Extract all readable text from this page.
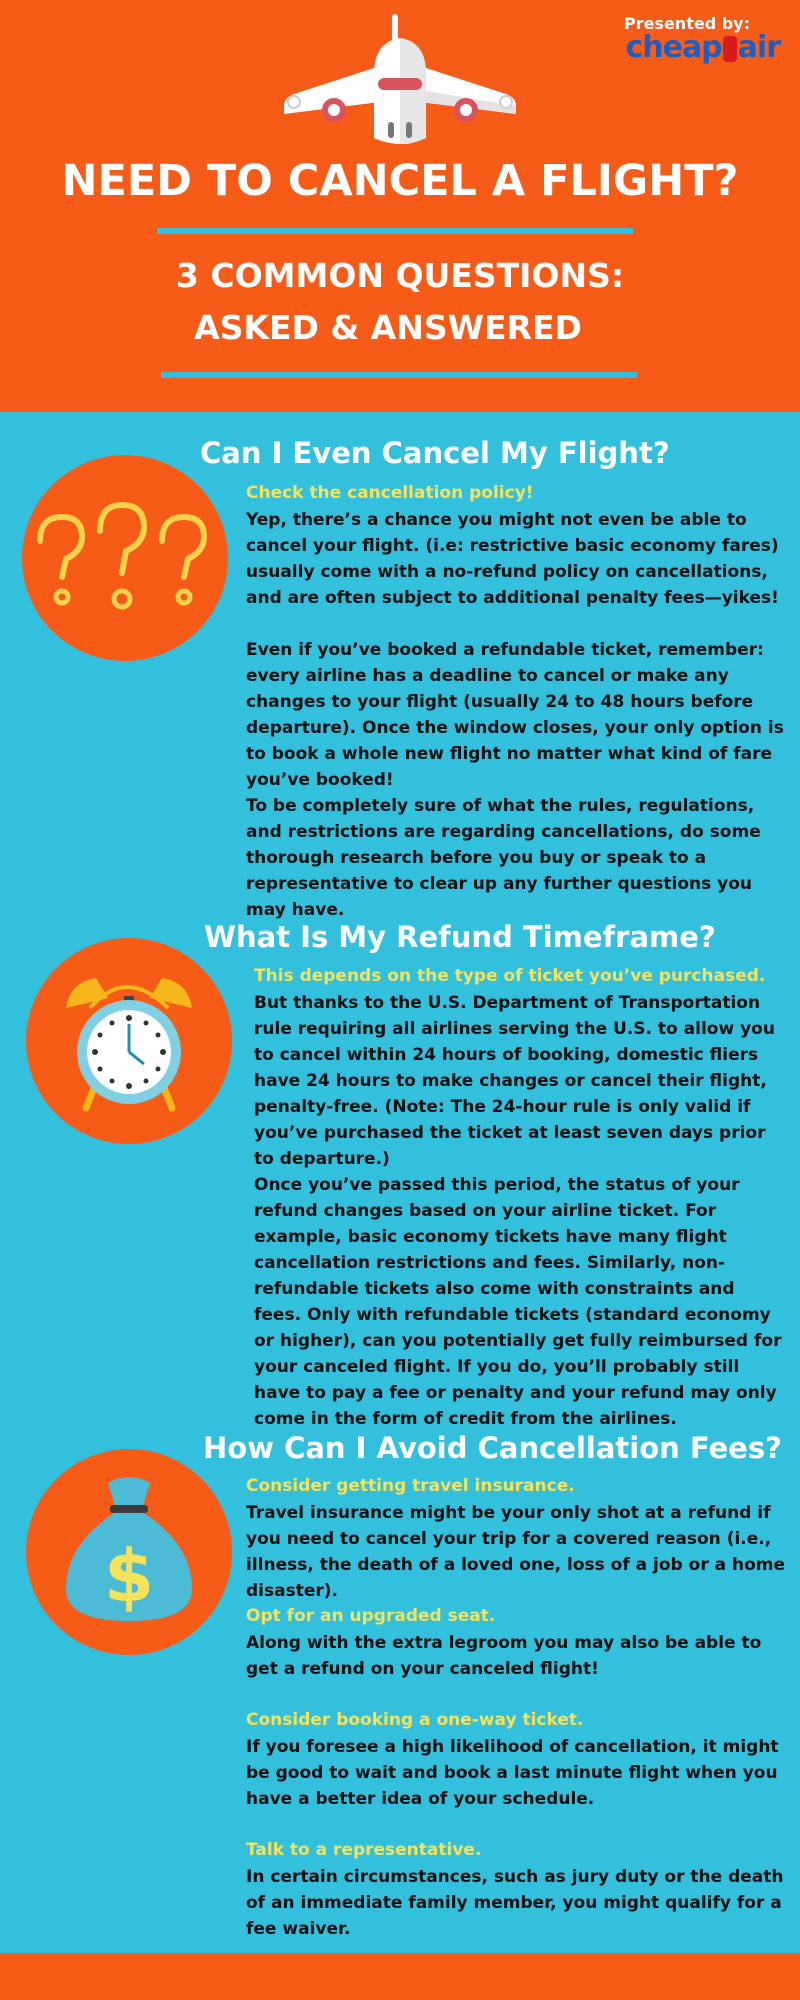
Presented by:
cheap air
NEED TO CANCEL A FLIGHT?
3 COMMON QUESTIONS:
ASKED & ANSWERED
Can I Even Cancel My Flight?
Check the cancellation policy!
Yep, there’s a chance you might not even be able to cancel your flight. (i.e: restrictive basic economy fares) usually come with a no-refund policy on cancellations, and are often subject to additional penalty fees—yikes!
Even if you’ve booked a refundable ticket, remember: every airline has a deadline to cancel or make any changes to your flight (usually 24 to 48 hours before departure). Once the window closes, your only option is to book a whole new flight no matter what kind of fare you’ve booked!
To be completely sure of what the rules, regulations, and restrictions are regarding cancellations, do some thorough research before you buy or speak to a representative to clear up any further questions you may have.
What Is My Refund Timeframe?
This depends on the type of ticket you’ve purchased.
But thanks to the U.S. Department of Transportation rule requiring all airlines serving the U.S. to allow you to cancel within 24 hours of booking, domestic fliers have 24 hours to make changes or cancel their flight, penalty-free. (Note: The 24-hour rule is only valid if you’ve purchased the ticket at least seven days prior to departure.)
Once you’ve passed this period, the status of your refund changes based on your airline ticket. For example, basic economy tickets have many flight cancellation restrictions and fees. Similarly, non-refundable tickets also come with constraints and fees. Only with refundable tickets (standard economy or higher), can you potentially get fully reimbursed for your canceled flight. If you do, you’ll probably still have to pay a fee or penalty and your refund may only come in the form of credit from the airlines.
$
How Can I Avoid Cancellation Fees?
Consider getting travel insurance.
Travel insurance might be your only shot at a refund if you need to cancel your trip for a covered reason (i.e., illness, the death of a loved one, loss of a job or a home disaster).
Opt for an upgraded seat.
Along with the extra legroom you may also be able to get a refund on your canceled flight!
Consider booking a one-way ticket.
If you foresee a high likelihood of cancellation, it might be good to wait and book a last minute flight when you have a better idea of your schedule.
Talk to a representative.
In certain circumstances, such as jury duty or the death of an immediate family member, you might qualify for a fee waiver.
